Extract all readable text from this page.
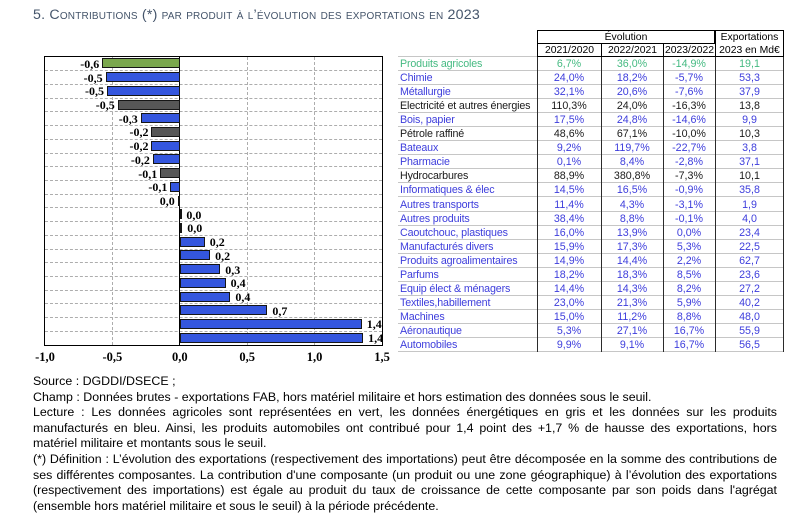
5. Contributions (*) par produit à l’évolution des exportations en 2023
-0,6
-0,5
-0,5
-0,5
-0,3
-0,2
-0,2
-0,2
-0,1
-0,1
0,0
0,0
0,0
0,2
0,2
0,3
0,4
0,4
0,7
1,4
1,4
-1,0	-0,5	0,0	0,5	1,0	1,5
Évolution
2021/2020	2022/2021 2023/2022
Exportations
2023 en Md€
Produits agricoles	6,7%	36,0%	-14,9%	19,1
Chimie	24,0%	18,2%	-5,7%	53,3
Métallurgie	32,1%	20,6%	-7,6%	37,9
Electricité et autres énergies	110,3%	24,0%	-16,3%	13,8
Bois, papier	17,5%	24,8%	-14,6%	9,9
Pétrole raffiné	48,6%	67,1%	-10,0%	10,3
Bateaux	9,2%	119,7%	-22,7%	3,8
Pharmacie	0,1%	8,4%	-2,8%	37,1
Hydrocarbures	88,9%	380,8%	-7,3%	10,1
Informatiques & élec	14,5%	16,5%	-0,9%	35,8
Autres transports	11,4%	4,3%	-3,1%	1,9
Autres produits	38,4%	8,8%	-0,1%	4,0
Caoutchouc, plastiques	16,0%	13,9%	0,0%	23,4
Manufacturés divers	15,9%	17,3%	5,3%	22,5
Produits agroalimentaires	14,9%	14,4%	2,2%	62,7
Parfums	18,2%	18,3%	8,5%	23,6
Equip élect & ménagers	14,4%	14,3%	8,2%	27,2
Textiles,habillement	23,0%	21,3%	5,9%	40,2
Machines	15,0%	11,2%	8,8%	48,0
Aéronautique	5,3%	27,1%	16,7%	55,9
Automobiles	9,9%	9,1%	16,7%	56,5

Source : DGDDI/DSECE ;

Champ : Données brutes - exportations FAB, hors matériel militaire et hors estimation des données sous le seuil.

Lecture : Les données agricoles sont représentées en vert, les données énergétiques en gris et les données sur les produits manufacturés en bleu. Ainsi, les produits automobiles ont contribué pour 1,4 point des +1,7 % de hausse des exportations, hors matériel militaire et montants sous le seuil.

(*) Définition : L’évolution des exportations (respectivement des importations) peut être décomposée en la somme des contributions de ses différentes composantes. La contribution d'une composante (un produit ou une zone géographique) à l’évolution des exportations (respectivement des importations) est égale au produit du taux de croissance de cette composante par son poids dans l'agrégat (ensemble hors matériel militaire et sous le seuil) à la période précédente.
